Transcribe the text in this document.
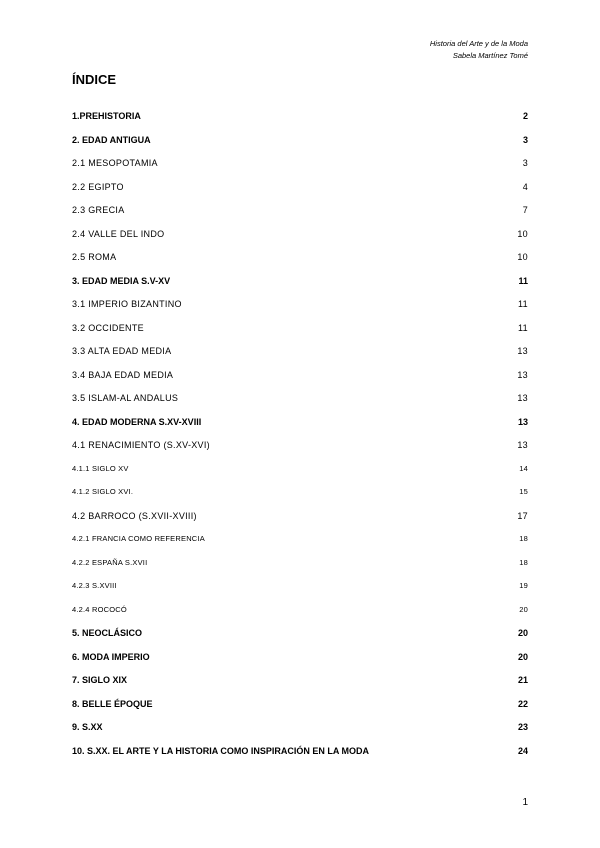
Historia del Arte y de la Moda
Sabela Martínez Tomé
ÍNDICE
1.PREHISTORIA	2
2. EDAD ANTIGUA	3
2.1 MESOPOTAMIA	3
2.2 EGIPTO	4
2.3 GRECIA	7
2.4 VALLE DEL INDO	10
2.5 ROMA	10
3. EDAD MEDIA S.V-XV	11
3.1 IMPERIO BIZANTINO	11
3.2 OCCIDENTE	11
3.3 ALTA EDAD MEDIA	13
3.4 BAJA EDAD MEDIA	13
3.5 ISLAM-AL ANDALUS	13
4. EDAD MODERNA S.XV-XVIII	13
4.1 RENACIMIENTO (S.XV-XVI)	13
4.1.1 SIGLO XV	14
4.1.2 SIGLO XVI.	15
4.2 BARROCO (S.XVII-XVIII)	17
4.2.1 FRANCIA COMO REFERENCIA	18
4.2.2 ESPAÑA S.XVII	18
4.2.3 S.XVIII	19
4.2.4 ROCOCÓ	20
5. NEOCLÁSICO	20
6. MODA IMPERIO	20
7. SIGLO XIX	21
8. BELLE ÉPOQUE	22
9. S.XX	23
10. S.XX. EL ARTE Y LA HISTORIA COMO INSPIRACIÓN EN LA MODA	24
1
